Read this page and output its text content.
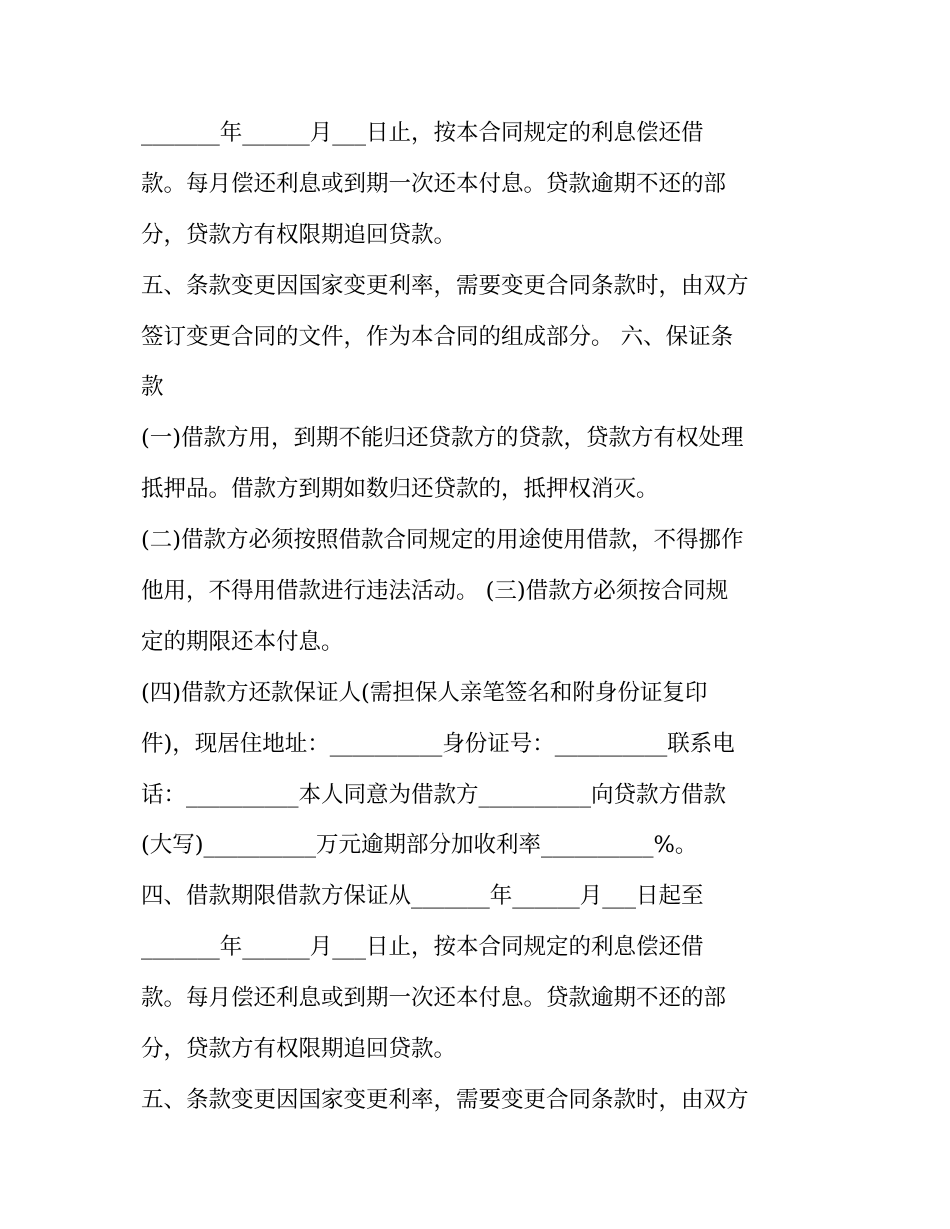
_______年______月___日止，按本合同规定的利息偿还借
款。每月偿还利息或到期一次还本付息。贷款逾期不还的部
分，贷款方有权限期追回贷款。
五、条款变更因国家变更利率，需要变更合同条款时，由双方
签订变更合同的文件，作为本合同的组成部分。 六、保证条
款
(一)借款方用，到期不能归还贷款方的贷款，贷款方有权处理
抵押品。借款方到期如数归还贷款的，抵押权消灭。
(二)借款方必须按照借款合同规定的用途使用借款，不得挪作
他用，不得用借款进行违法活动。 (三)借款方必须按合同规
定的期限还本付息。
(四)借款方还款保证人(需担保人亲笔签名和附身份证复印
件)，现居住地址：__________身份证号：__________联系电
话：__________本人同意为借款方__________向贷款方借款
(大写)__________万元逾期部分加收利率__________%。
四、借款期限借款方保证从_______年______月___日起至
_______年______月___日止，按本合同规定的利息偿还借
款。每月偿还利息或到期一次还本付息。贷款逾期不还的部
分，贷款方有权限期追回贷款。
五、条款变更因国家变更利率，需要变更合同条款时，由双方
